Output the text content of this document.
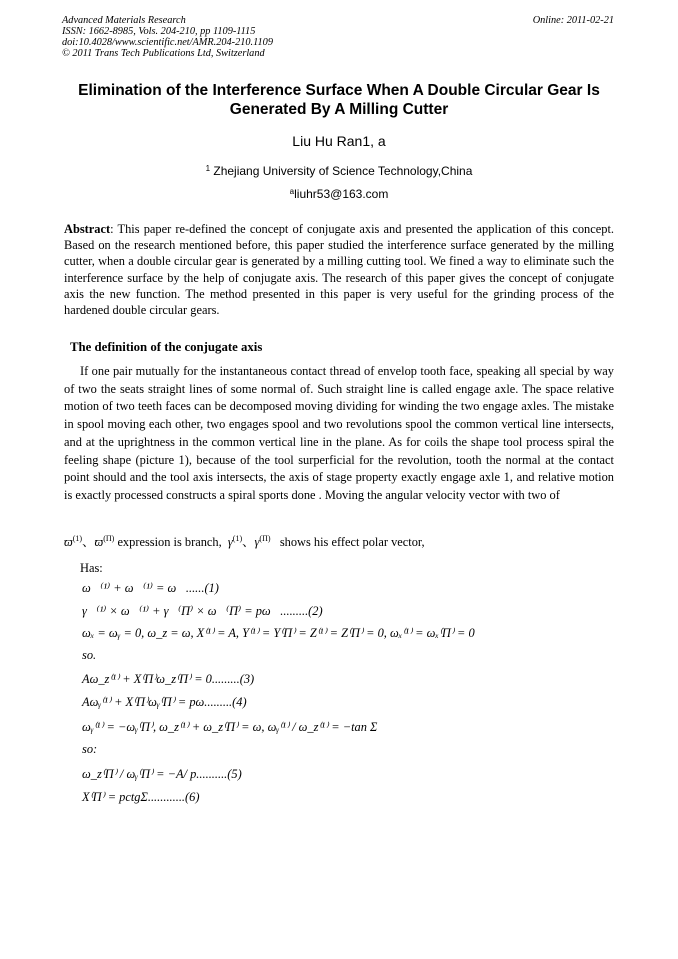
Advanced Materials Research
ISSN: 1662-8985, Vols. 204-210, pp 1109-1115
doi:10.4028/www.scientific.net/AMR.204-210.1109
© 2011 Trans Tech Publications Ltd, Switzerland
Online: 2011-02-21
Elimination of the Interference Surface When A Double Circular Gear Is Generated By A Milling Cutter
Liu Hu Ran1, a
$^1$ Zhejiang University of Science Technology,China
$^a$liuhr53@163.com
Abstract: This paper re-defined the concept of conjugate axis and presented the application of this concept. Based on the research mentioned before, this paper studied the interference surface generated by the milling cutter, when a double circular gear is generated by a milling cutting tool. We fined a way to eliminate such the interference surface by the help of conjugate axis. The research of this paper gives the concept of conjugate axis the new function. The method presented in this paper is very useful for the grinding process of the hardened double circular gears.
The definition of the conjugate axis
If one pair mutually for the instantaneous contact thread of envelop tooth face, speaking all special by way of two the seats straight lines of some normal of. Such straight line is called engage axle. The space relative motion of two teeth faces can be decomposed moving dividing for winding the two engage axles. The mistake in spool moving each other, two engages spool and two revolutions spool the common vertical line intersects, and at the uprightness in the common vertical line in the plane. As for coils the shape tool process spiral the feeling shape (picture 1), because of the tool surperficial for the revolution, tooth the normal at the contact point should and the tool axis intersects, the axis of stage property exactly engage axle 1, and relative motion is exactly processed constructs a spiral sports done . Moving the angular velocity vector with two of
$ϖ^{(1)}$、$ϖ^{(\Pi)}$ expression is branch, $\gamma^{(1)}$、$\gamma^{(\Pi)}$ shows his effect polar vector,
Has:
ω⃗⁽¹⁾ + ω⃗⁽¹⁾ = ω⃗......(1)
γ⃗⁽¹⁾ × ω⃗⁽¹⁾ + γ⃗⁽Π⁾ × ω⃗⁽Π⁾ = pω⃗.........(2)
ωₓ = ωᵧ = 0, ω_z = ω, X⁽¹⁾ = A, Y⁽¹⁾ = Y⁽Π⁾ = Z⁽¹⁾ = Z⁽Π⁾ = 0, ωₓ⁽¹⁾ = ωₓ⁽Π⁾ = 0
so.
Aω_z⁽¹⁾ + X⁽Π⁾ω_z⁽Π⁾ = 0.........(3)
Aωᵧ⁽¹⁾ + X⁽Π⁾ωᵧ⁽Π⁾ = pω.........(4)
ωᵧ⁽¹⁾ = −ωᵧ⁽Π⁾, ω_z⁽¹⁾ + ω_z⁽Π⁾ = ω, ωᵧ⁽¹⁾ / ω_z⁽¹⁾ = −tan Σ
so:
ω_z⁽Π⁾ / ωᵧ⁽Π⁾ = −A/ p..........(5)
X⁽Π⁾ = pctgΣ............(6)
